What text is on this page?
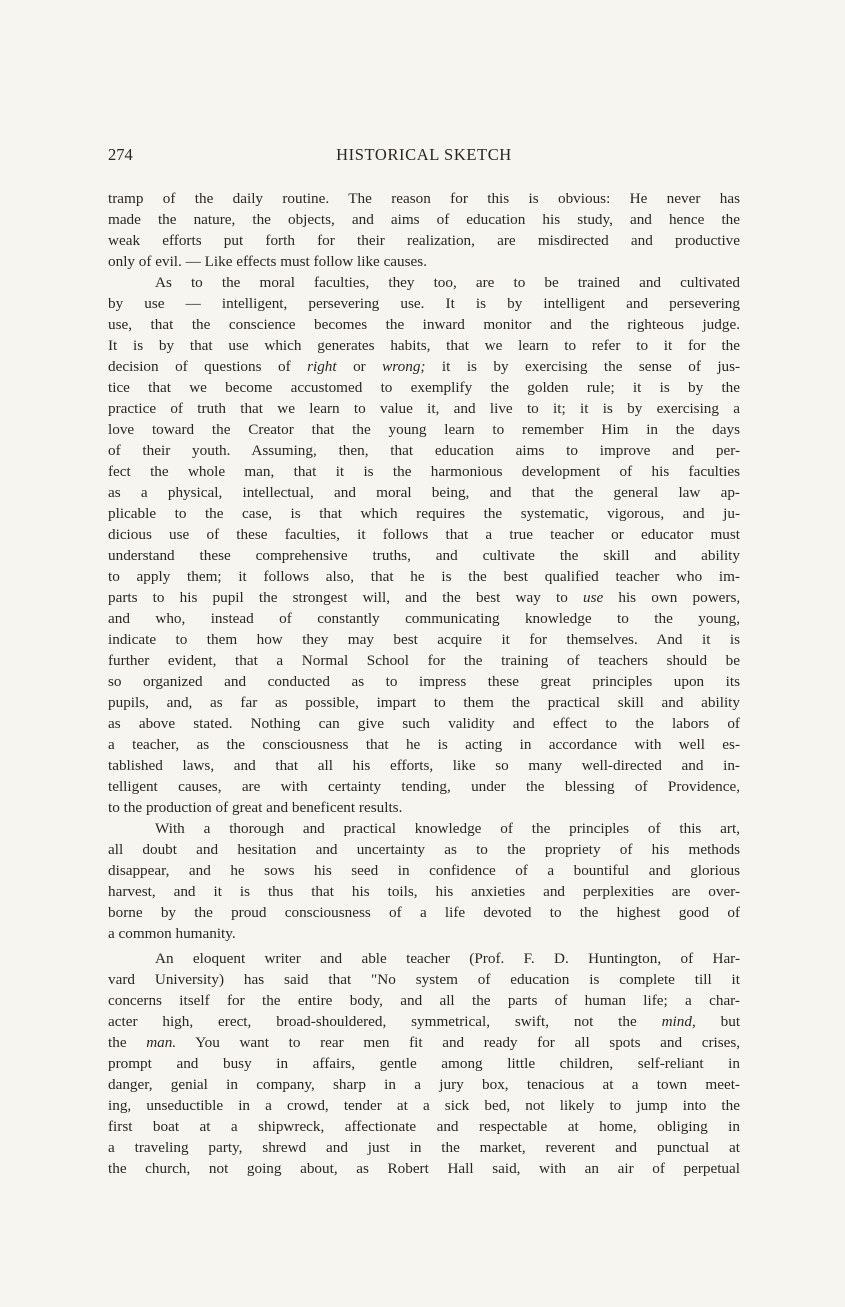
274	HISTORICAL SKETCH
tramp of the daily routine. The reason for this is obvious: He never has
made the nature, the objects, and aims of education his study, and hence the
weak efforts put forth for their realization, are misdirected and productive
only of evil. — Like effects must follow like causes.
As to the moral faculties, they too, are to be trained and cultivated
by use — intelligent, persevering use. It is by intelligent and persevering
use, that the conscience becomes the inward monitor and the righteous judge.
It is by that use which generates habits, that we learn to refer to it for the
decision of questions of right or wrong; it is by exercising the sense of jus-
tice that we become accustomed to exemplify the golden rule; it is by the
practice of truth that we learn to value it, and live to it; it is by exercising a
love toward the Creator that the young learn to remember Him in the days
of their youth. Assuming, then, that education aims to improve and per-
fect the whole man, that it is the harmonious development of his faculties
as a physical, intellectual, and moral being, and that the general law ap-
plicable to the case, is that which requires the systematic, vigorous, and ju-
dicious use of these faculties, it follows that a true teacher or educator must
understand these comprehensive truths, and cultivate the skill and ability
to apply them; it follows also, that he is the best qualified teacher who im-
parts to his pupil the strongest will, and the best way to use his own powers,
and who, instead of constantly communicating knowledge to the young,
indicate to them how they may best acquire it for themselves. And it is
further evident, that a Normal School for the training of teachers should be
so organized and conducted as to impress these great principles upon its
pupils, and, as far as possible, impart to them the practical skill and ability
as above stated. Nothing can give such validity and effect to the labors of
a teacher, as the consciousness that he is acting in accordance with well es-
tablished laws, and that all his efforts, like so many well-directed and in-
telligent causes, are with certainty tending, under the blessing of Providence,
to the production of great and beneficent results.
With a thorough and practical knowledge of the principles of this art,
all doubt and hesitation and uncertainty as to the propriety of his methods
disappear, and he sows his seed in confidence of a bountiful and glorious
harvest, and it is thus that his toils, his anxieties and perplexities are over-
borne by the proud consciousness of a life devoted to the highest good of
a common humanity.
An eloquent writer and able teacher (Prof. F. D. Huntington, of Har-
vard University) has said that "No system of education is complete till it
concerns itself for the entire body, and all the parts of human life; a char-
acter high, erect, broad-shouldered, symmetrical, swift, not the mind, but
the man. You want to rear men fit and ready for all spots and crises,
prompt and busy in affairs, gentle among little children, self-reliant in
danger, genial in company, sharp in a jury box, tenacious at a town meet-
ing, unseductible in a crowd, tender at a sick bed, not likely to jump into the
first boat at a shipwreck, affectionate and respectable at home, obliging in
a traveling party, shrewd and just in the market, reverent and punctual at
the church, not going about, as Robert Hall said, with an air of perpetual
